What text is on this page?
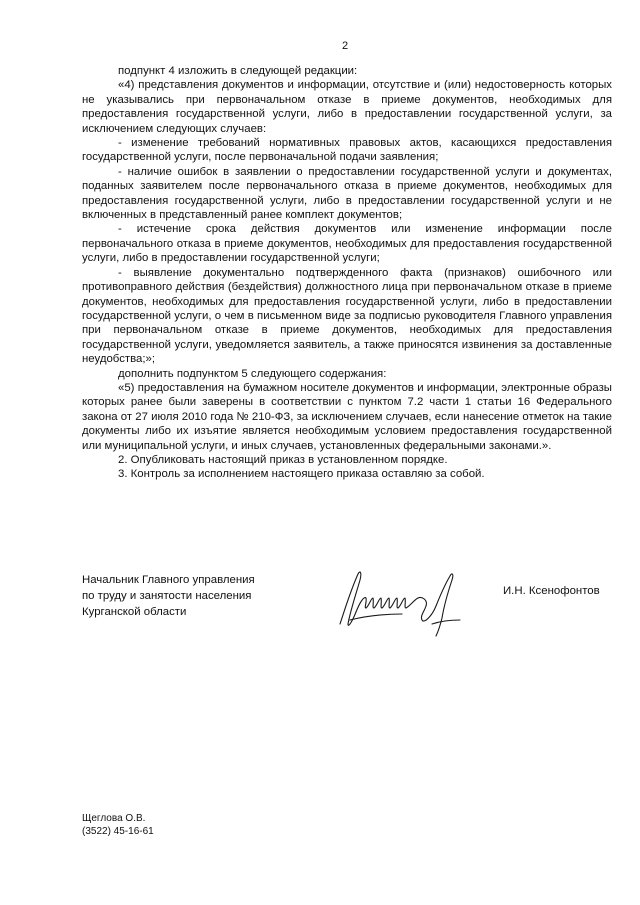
2

подпункт 4 изложить в следующей редакции:

«4) представления документов и информации, отсутствие и (или) недостоверность которых не указывались при первоначальном отказе в приеме документов, необходимых для предоставления государственной услуги, либо в предоставлении государственной услуги, за исключением следующих случаев:

- изменение требований нормативных правовых актов, касающихся предоставления государственной услуги, после первоначальной подачи заявления;

- наличие ошибок в заявлении о предоставлении государственной услуги и документах, поданных заявителем после первоначального отказа в приеме документов, необходимых для предоставления государственной услуги, либо в предоставлении государственной услуги и не включенных в представленный ранее комплект документов;

- истечение срока действия документов или изменение информации после первоначального отказа в приеме документов, необходимых для предоставления государственной услуги, либо в предоставлении государственной услуги;

- выявление документально подтвержденного факта (признаков) ошибочного или противоправного действия (бездействия) должностного лица при первоначальном отказе в приеме документов, необходимых для предоставления государственной услуги, либо в предоставлении государственной услуги, о чем в письменном виде за подписью руководителя Главного управления при первоначальном отказе в приеме документов, необходимых для предоставления государственной услуги, уведомляется заявитель, а также приносятся извинения за доставленные неудобства;»;

дополнить подпунктом 5 следующего содержания:

«5) предоставления на бумажном носителе документов и информации, электронные образы которых ранее были заверены в соответствии с пунктом 7.2 части 1 статьи 16 Федерального закона от 27 июля 2010 года № 210-ФЗ, за исключением случаев, если нанесение отметок на такие документы либо их изъятие является необходимым условием предоставления государственной или муниципальной услуги, и иных случаев, установленных федеральными законами.».

2. Опубликовать настоящий приказ в установленном порядке.

3. Контроль за исполнением настоящего приказа оставляю за собой.

Начальник Главного управления
по труду и занятости населения
Курганской области
И.Н. Ксенофонтов
Щеглова О.В.
(3522) 45-16-61
